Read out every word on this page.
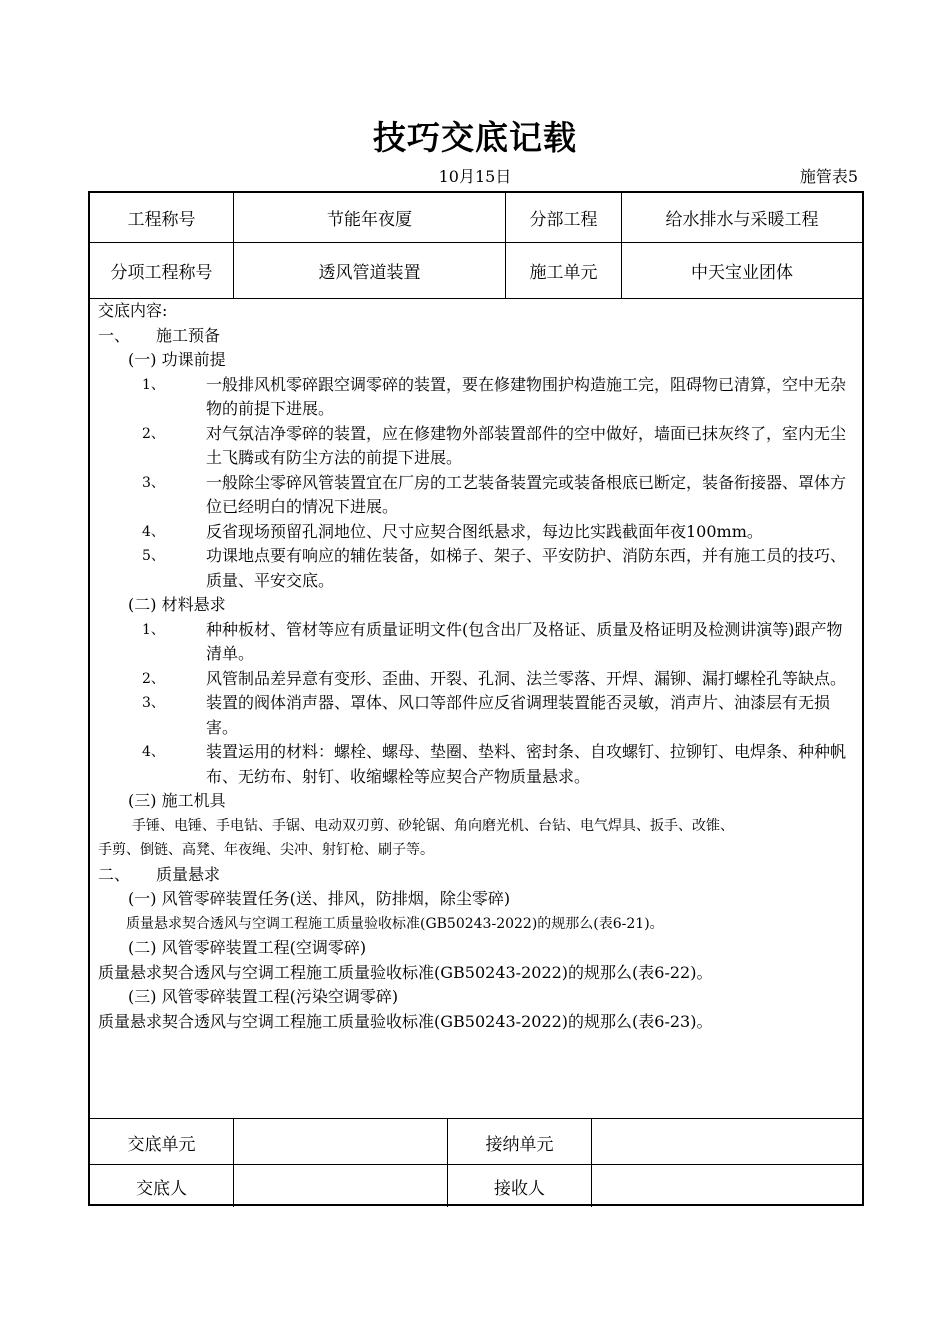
技巧交底记载
10月15日	施管表5
工程称号	节能年夜厦	分部工程	给水排水与采暖工程
分项工程称号	透风管道装置	施工单元	中天宝业团体
交底内容:
一、 施工预备
(一) 功课前提
1、	一般排风机零碎跟空调零碎的装置，要在修建物围护构造施工完，阻碍物已清算，空中无杂物的前提下进展。
2、	对气氛洁净零碎的装置，应在修建物外部装置部件的空中做好，墙面已抹灰终了，室内无尘土飞腾或有防尘方法的前提下进展。
3、	一般除尘零碎风管装置宜在厂房的工艺装备装置完或装备根底已断定，装备衔接器、罩体方位已经明白的情况下进展。
4、	反省现场预留孔洞地位、尺寸应契合图纸悬求，每边比实践截面年夜100mm。
5、	功课地点要有响应的辅佐装备，如梯子、架子、平安防护、消防东西，并有施工员的技巧、质量、平安交底。
(二) 材料悬求
1、	种种板材、管材等应有质量证明文件(包含出厂及格证、质量及格证明及检测讲演等)跟产物清单。
2、	风管制品差异意有变形、歪曲、开裂、孔洞、法兰零落、开焊、漏铆、漏打螺栓孔等缺点。
3、	装置的阀体消声器、罩体、风口等部件应反省调理装置能否灵敏，消声片、油漆层有无损害。
4、	装置运用的材料：螺栓、螺母、垫圈、垫料、密封条、自攻螺钉、拉铆钉、电焊条、种种帆布、无纺布、射钉、收缩螺栓等应契合产物质量悬求。
(三) 施工机具
手锤、电锤、手电钻、手锯、电动双刃剪、砂轮锯、角向磨光机、台钻、电气焊具、扳手、改锥、
手剪、倒链、高凳、年夜绳、尖冲、射钉枪、刷子等。
二、 质量悬求
(一) 风管零碎装置任务(送、排风，防排烟，除尘零碎)
质量悬求契合透风与空调工程施工质量验收标准(GB50243-2022)的规那么(表6-21)。
(二) 风管零碎装置工程(空调零碎)
质量悬求契合透风与空调工程施工质量验收标准(GB50243-2022)的规那么(表6-22)。
(三) 风管零碎装置工程(污染空调零碎)
质量悬求契合透风与空调工程施工质量验收标准(GB50243-2022)的规那么(表6-23)。
交底单元	接纳单元
交底人	接收人
